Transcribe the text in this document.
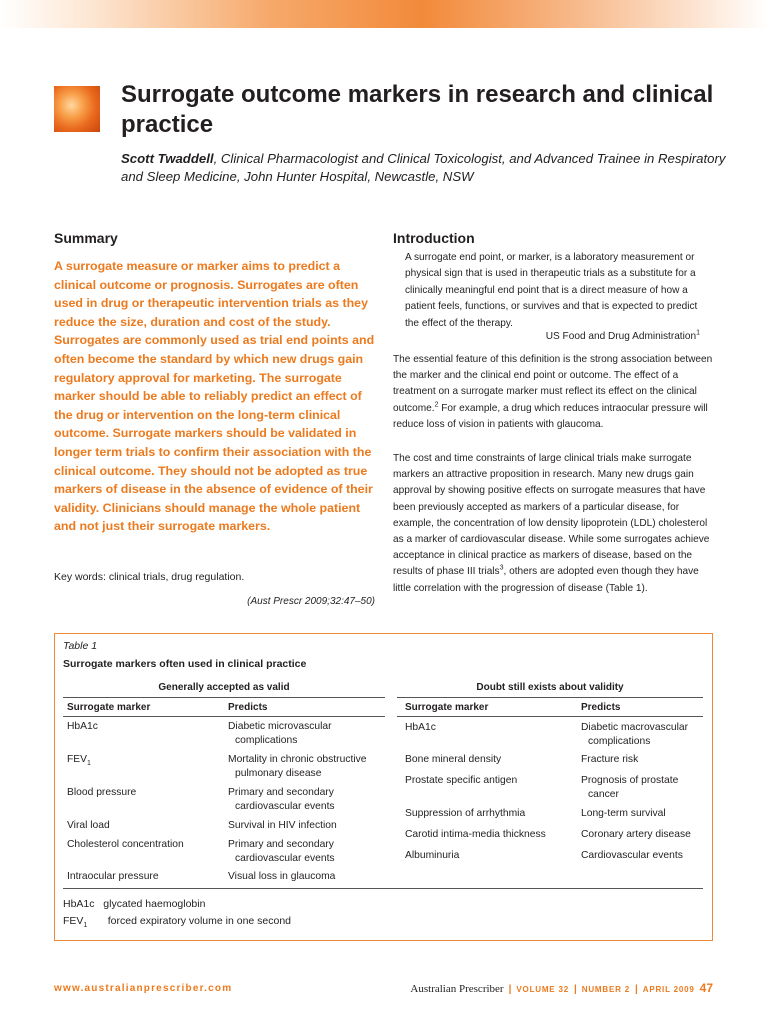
Surrogate outcome markers in research and clinical practice

Scott Twaddell, Clinical Pharmacologist and Clinical Toxicologist, and Advanced Trainee in Respiratory and Sleep Medicine, John Hunter Hospital, Newcastle, NSW

Summary

A surrogate measure or marker aims to predict a clinical outcome or prognosis. Surrogates are often used in drug or therapeutic intervention trials as they reduce the size, duration and cost of the study. Surrogates are commonly used as trial end points and often become the standard by which new drugs gain regulatory approval for marketing. The surrogate marker should be able to reliably predict an effect of the drug or intervention on the long-term clinical outcome. Surrogate markers should be validated in longer term trials to confirm their association with the clinical outcome. They should not be adopted as true markers of disease in the absence of evidence of their validity. Clinicians should manage the whole patient and not just their surrogate markers.

Key words: clinical trials, drug regulation.

(Aust Prescr 2009;32:47–50)

Introduction

A surrogate end point, or marker, is a laboratory measurement or physical sign that is used in therapeutic trials as a substitute for a clinically meaningful end point that is a direct measure of how a patient feels, functions, or survives and that is expected to predict the effect of the therapy.

US Food and Drug Administration$^1$

The essential feature of this definition is the strong association between the marker and the clinical end point or outcome. The effect of a treatment on a surrogate marker must reflect its effect on the clinical outcome.$^2$ For example, a drug which reduces intraocular pressure will reduce loss of vision in patients with glaucoma.

The cost and time constraints of large clinical trials make surrogate markers an attractive proposition in research. Many new drugs gain approval by showing positive effects on surrogate measures that have been previously accepted as markers of a particular disease, for example, the concentration of low density lipoprotein (LDL) cholesterol as a marker of cardiovascular disease. While some surrogates achieve acceptance in clinical practice as markers of disease, based on the results of phase III trials$^3$, others are adopted even though they have little correlation with the progression of disease (Table 1).

Table 1

Surrogate markers often used in clinical practice

Generally accepted as valid	Doubt still exists about validity

Surrogate marker	Predicts	Surrogate marker	Predicts

HbA1c	Diabetic microvascular
complications

$FEV_1$	Mortality in chronic obstructive
pulmonary disease

Blood pressure	Primary and secondary
cardiovascular events

Viral load	Survival in HIV infection

Cholesterol concentration	Primary and secondary
cardiovascular events

Intraocular pressure	Visual loss in glaucoma

HbA1c	Diabetic macrovascular
complications

Bone mineral density	Fracture risk

Prostate specific antigen	Prognosis of prostate
cancer

Suppression of arrhythmia	Long-term survival

Carotid intima-media thickness	Coronary artery disease

Albuminuria	Cardiovascular events

HbA1c glycated haemoglobin

$FEV_1$ forced expiratory volume in one second

www.australianprescriber.com	Australian Prescriber | VOLUME 32 | NUMBER 2 | APRIL 2009 47
